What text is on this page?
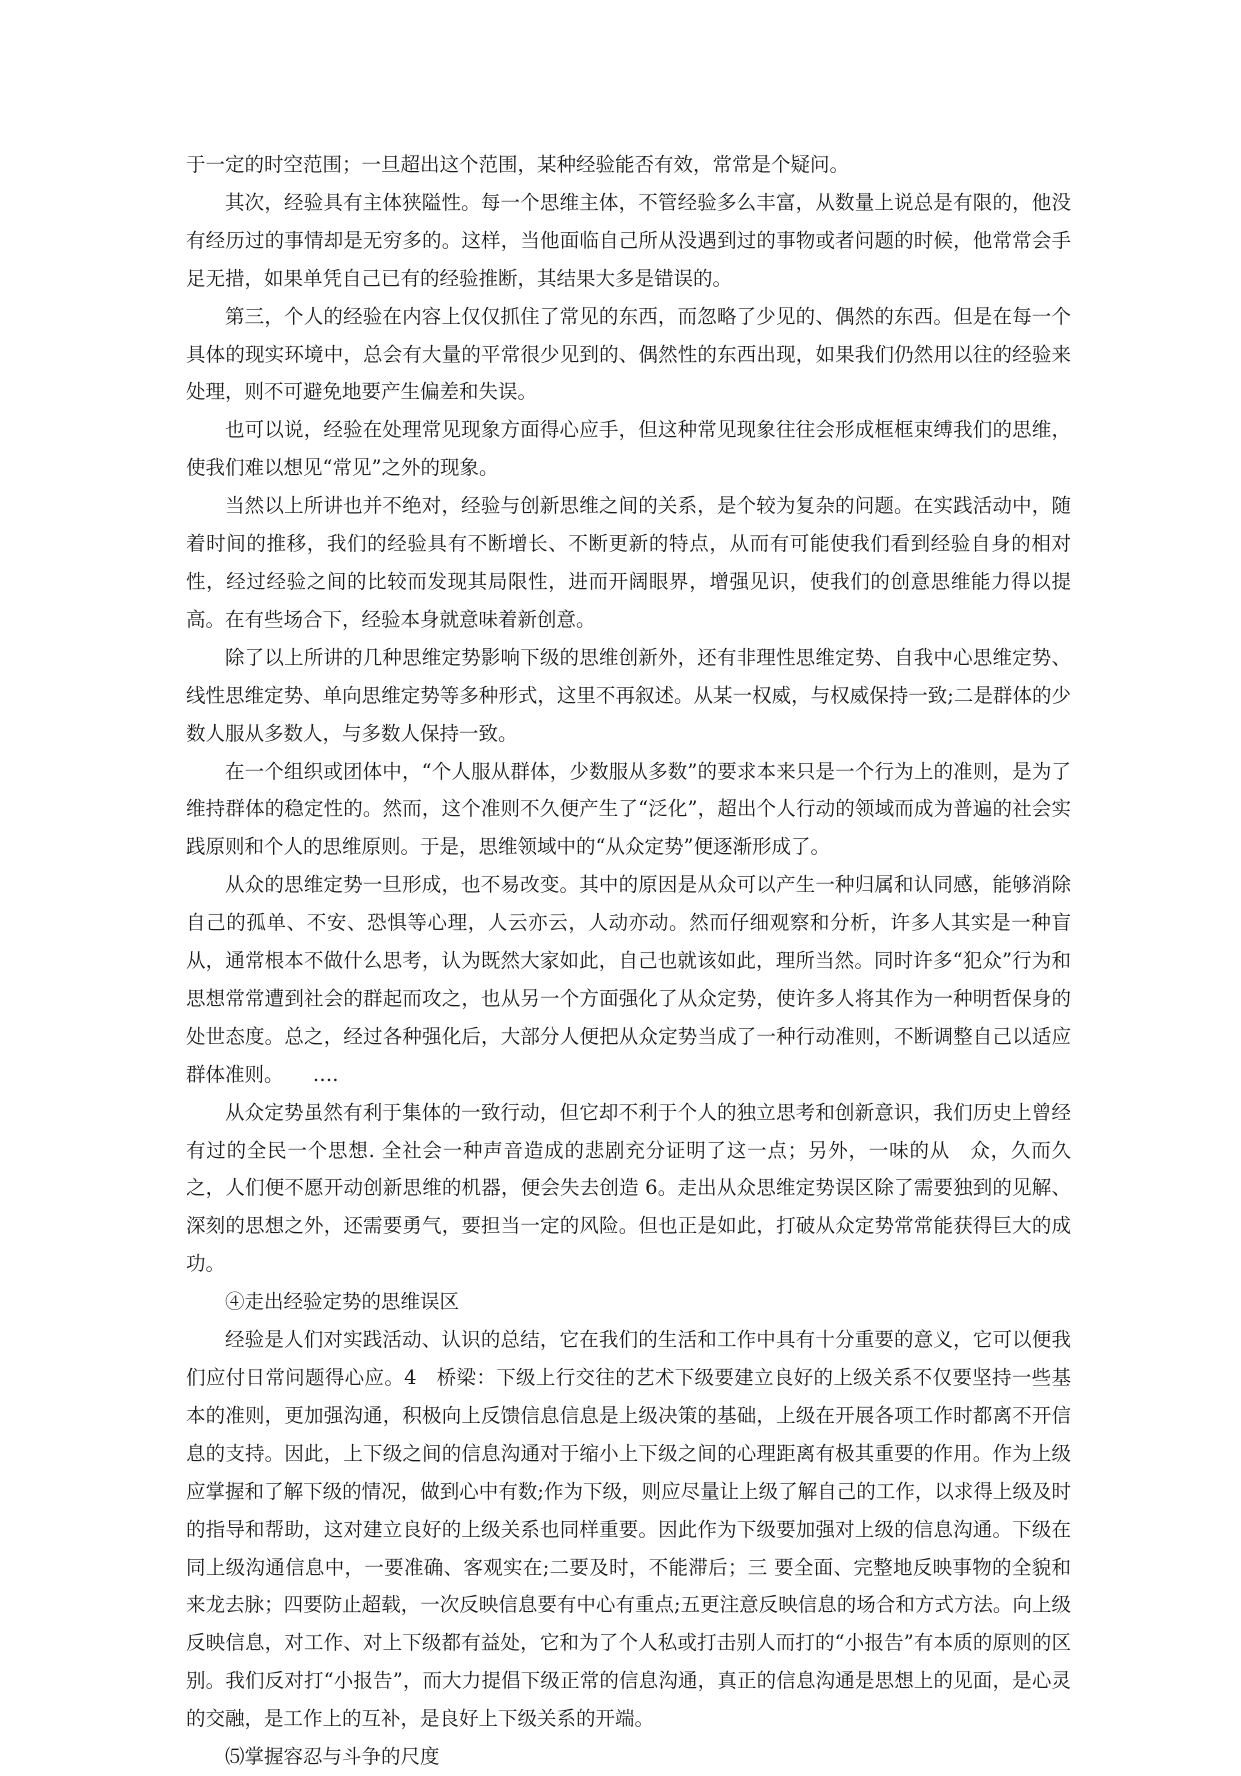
于一定的时空范围；一旦超出这个范围，某种经验能否有效，常常是个疑问。

其次，经验具有主体狭隘性。每一个思维主体，不管经验多么丰富，从数量上说总是有限的，他没有经历过的事情却是无穷多的。这样，当他面临自己所从没遇到过的事物或者问题的时候，他常常会手足无措，如果单凭自己已有的经验推断，其结果大多是错误的。

第三，个人的经验在内容上仅仅抓住了常见的东西，而忽略了少见的、偶然的东西。但是在每一个具体的现实环境中，总会有大量的平常很少见到的、偶然性的东西出现，如果我们仍然用以往的经验来处理，则不可避免地要产生偏差和失误。

也可以说，经验在处理常见现象方面得心应手，但这种常见现象往往会形成框框束缚我们的思维，使我们难以想见“常见”之外的现象。

当然以上所讲也并不绝对，经验与创新思维之间的关系，是个较为复杂的问题。在实践活动中，随着时间的推移，我们的经验具有不断增长、不断更新的特点，从而有可能使我们看到经验自身的相对性，经过经验之间的比较而发现其局限性，进而开阔眼界，增强见识，使我们的创意思维能力得以提高。在有些场合下，经验本身就意味着新创意。

除了以上所讲的几种思维定势影响下级的思维创新外，还有非理性思维定势、自我中心思维定势、线性思维定势、单向思维定势等多种形式，这里不再叙述。从某一权威，与权威保持一致;二是群体的少数人服从多数人，与多数人保持一致。

在一个组织或团体中，“个人服从群体，少数服从多数”的要求本来只是一个行为上的准则，是为了维持群体的稳定性的。然而，这个准则不久便产生了“泛化”，超出个人行动的领域而成为普遍的社会实践原则和个人的思维原则。于是，思维领域中的“从众定势”便逐渐形成了。

从众的思维定势一旦形成，也不易改变。其中的原因是从众可以产生一种归属和认同感，能够消除自己的孤单、不安、恐惧等心理，人云亦云，人动亦动。然而仔细观察和分析，许多人其实是一种盲从，通常根本不做什么思考，认为既然大家如此，自己也就该如此，理所当然。同时许多“犯众”行为和思想常常遭到社会的群起而攻之，也从另一个方面强化了从众定势，使许多人将其作为一种明哲保身的处世态度。总之，经过各种强化后，大部分人便把从众定势当成了一种行动准则，不断调整自己以适应群体准则。　　….

从众定势虽然有利于集体的一致行动，但它却不利于个人的独立思考和创新意识，我们历史上曾经有过的全民一个思想. 全社会一种声音造成的悲剧充分证明了这一点；另外，一味的从　众，久而久之，人们便不愿开动创新思维的机器，便会失去创造 6。走出从众思维定势误区除了需要独到的见解、深刻的思想之外，还需要勇气，要担当一定的风险。但也正是如此，打破从众定势常常能获得巨大的成功。

④走出经验定势的思维误区

经验是人们对实践活动、认识的总结，它在我们的生活和工作中具有十分重要的意义，它可以便我们应付日常问题得心应。4　桥梁：下级上行交往的艺术下级要建立良好的上级关系不仅要坚持一些基本的准则，更加强沟通，积极向上反馈信息信息是上级决策的基础，上级在开展各项工作时都离不开信息的支持。因此，上下级之间的信息沟通对于缩小上下级之间的心理距离有极其重要的作用。作为上级应掌握和了解下级的情况，做到心中有数;作为下级，则应尽量让上级了解自己的工作，以求得上级及时的指导和帮助，这对建立良好的上级关系也同样重要。因此作为下级要加强对上级的信息沟通。下级在同上级沟通信息中，一要准确、客观实在;二要及时，不能滞后；三 要全面、完整地反映事物的全貌和来龙去脉；四要防止超载，一次反映信息要有中心有重点;五更注意反映信息的场合和方式方法。向上级反映信息，对工作、对上下级都有益处，它和为了个人私或打击别人而打的“小报告”有本质的原则的区别。我们反对打“小报告”，而大力提倡下级正常的信息沟通，真正的信息沟通是思想上的见面，是心灵的交融，是工作上的互补，是良好上下级关系的开端。

⑸掌握容忍与斗争的尺度
